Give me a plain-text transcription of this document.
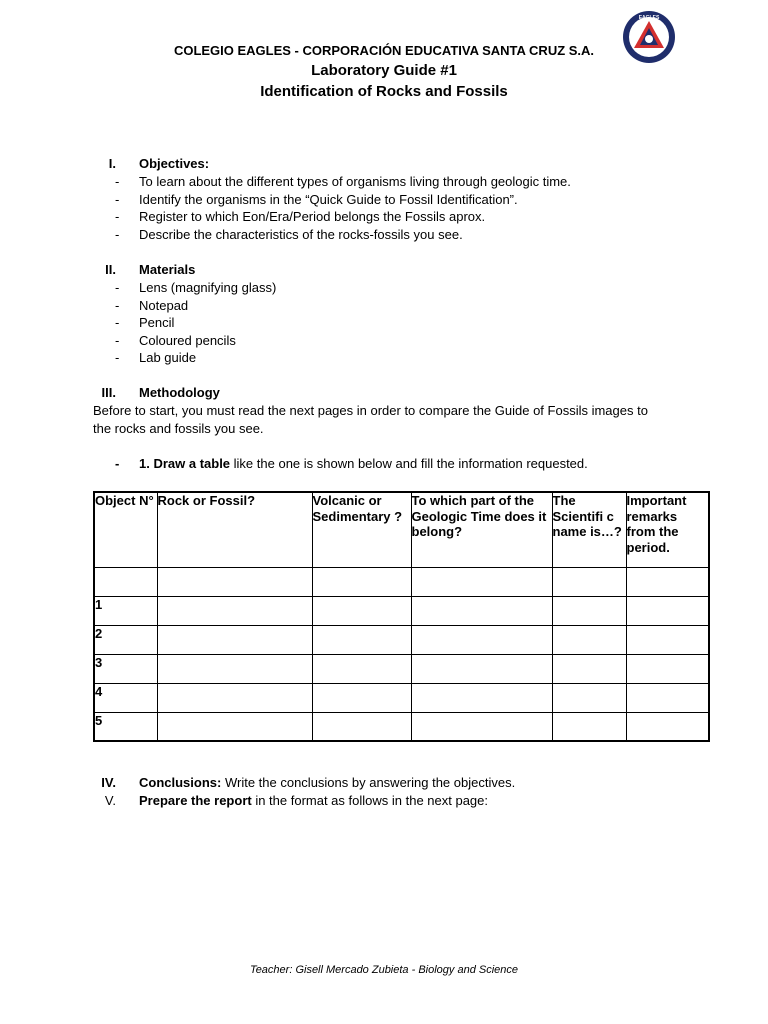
COLEGIO EAGLES - CORPORACIÓN EDUCATIVA SANTA CRUZ S.A.
Laboratory Guide #1
Identification of Rocks and Fossils
EAGLES
I. Objectives:
-	To learn about the different types of organisms living through geologic time.
-	Identify the organisms in the “Quick Guide to Fossil Identification”.
-	Register to which Eon/Era/Period belongs the Fossils aprox.
-	Describe the characteristics of the rocks-fossils you see.
II. Materials
-	Lens (magnifying glass)
-	Notepad
-	Pencil
-	Coloured pencils
-	Lab guide
III. Methodology
Before to start, you must read the next pages in order to compare the Guide of Fossils images to the rocks and fossils you see.
-	1. Draw a table like the one is shown below and fill the information requested.
Object N°	Rock or Fossil?	Volcanic or Sedimentary ?	To which part of the Geologic Time does it belong?	The Scientifi c name is…?	Important remarks from the period.

1					
2					
3					
4					
5					
IV. Conclusions: Write the conclusions by answering the objectives.
V. Prepare the report in the format as follows in the next page:
Teacher: Gisell Mercado Zubieta - Biology and Science
